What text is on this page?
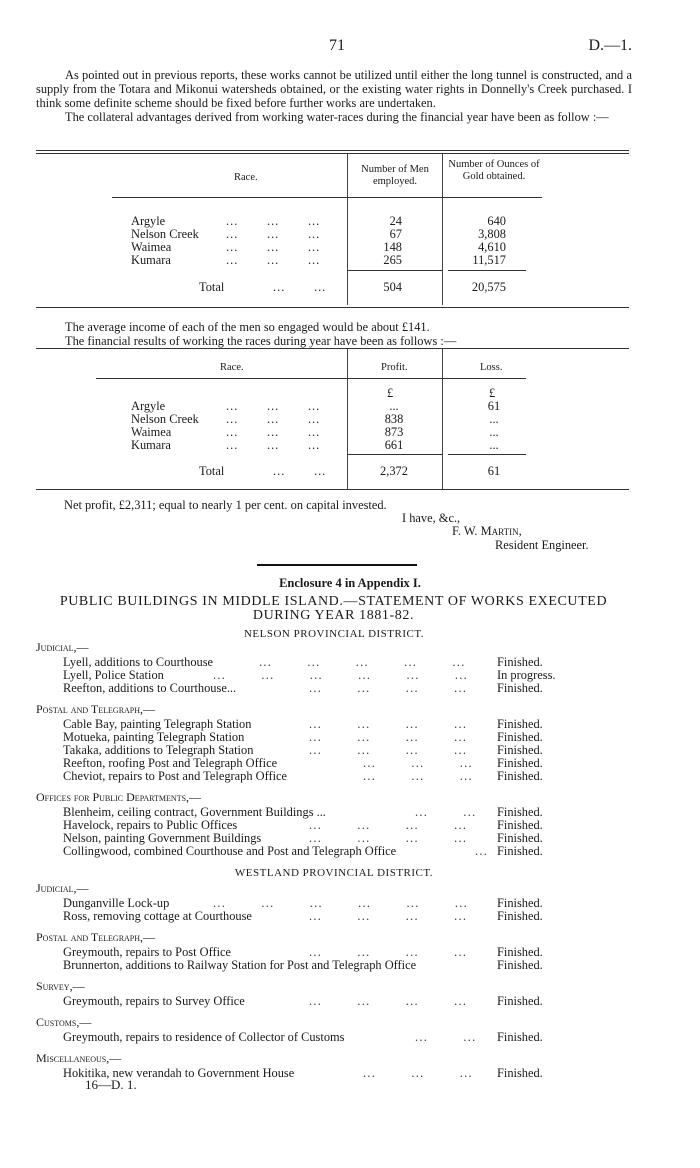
71	D.—1.

As pointed out in previous reports, these works cannot be utilized until either the long tunnel is constructed, and a supply from the Totara and Mikonui watersheds obtained, or the existing water rights in Donnelly's Creek purchased. I think some definite scheme should be fixed before further works are undertaken.

The collateral advantages derived from working water-races during the financial year have been as follow :—

Race.
Number of Men employed.
Number of Ounces of Gold obtained.
Argyle	...       ...       ...	24	640
Nelson Creek ...       ...       ...	67	3,808
Waimea	...       ...       ...	148	4,610
Kumara	...       ...       ...	265	11,517
Total	...       ...	504	20,575

The average income of each of the men so engaged would be about £141.

The financial results of working the races during year have been as follows :—

Race.	Profit.	Loss.
£	£
Argyle	...       ...       ...	...	61
Nelson Creek ...       ...       ...	838	...
Waimea	...       ...       ...	873	...
Kumara	...       ...       ...	661	...
Total	...       ...	2,372	61
Net profit, £2,311; equal to nearly 1 per cent. on capital invested.
I have, &c.,
F. W. Martin,
Resident Engineer.
Enclosure 4 in Appendix I.
PUBLIC BUILDINGS IN MIDDLE ISLAND.—STATEMENT OF WORKS EXECUTED
DURING YEAR 1881-82.
NELSON PROVINCIAL DISTRICT.
Judicial,—

Lyell, additions to Courthouse	...        ...        ...        ...        ...	Finished.
Lyell, Police Station	...        ...        ...        ...        ...        ... In progress.
Reefton, additions to Courthouse...	...        ...        ...        ... Finished.
Postal and Telegraph,—
Cable Bay, painting Telegraph Station	...        ...        ...        ... Finished.
Motueka, painting Telegraph Station	...        ...        ...        ... Finished.
Takaka, additions to Telegraph Station	...        ...        ...        ... Finished.
Reefton, roofing Post and Telegraph Office	...        ...        ... Finished.
Cheviot, repairs to Post and Telegraph Office	...        ...        ... Finished.
Offices for Public Departments,—
Blenheim, ceiling contract, Government Buildings ...	...        ... Finished.
Havelock, repairs to Public Offices	...        ...        ...        ... Finished.
Nelson, painting Government Buildings	...        ...        ...        ... Finished.
Collingwood, combined Courthouse and Post and Telegraph Office	... Finished.
WESTLAND PROVINCIAL DISTRICT.
Judicial,—
Dunganville Lock-up	...        ...        ...        ...        ...        ... Finished.
Ross, removing cottage at Courthouse	...        ...        ...        ... Finished.
Postal and Telegraph,—
Greymouth, repairs to Post Office	...        ...        ...        ... Finished.
Brunnerton, additions to Railway Station for Post and Telegraph Office	Finished.
Survey,—
Greymouth, repairs to Survey Office	...        ...        ...        ... Finished.
Customs,—
Greymouth, repairs to residence of Collector of Customs	...        ... Finished.
Miscellaneous,—
Hokitika, new verandah to Government House	...        ...        ... Finished.
16—D. 1.
